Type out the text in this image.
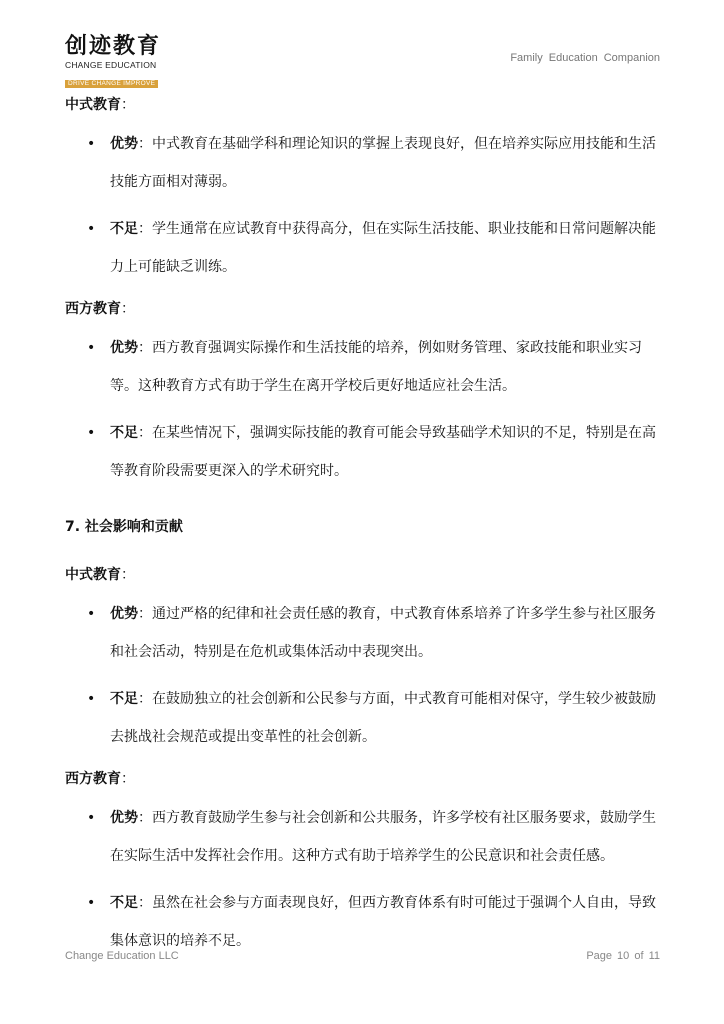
创迹教育
CHANGE EDUCATION
DRIVE CHANGE IMPROVE
Family Education Companion

中式教育：

• 优势：中式教育在基础学科和理论知识的掌握上表现良好，但在培养实际应用技能和生活技能方面相对薄弱。
• 不足：学生通常在应试教育中获得高分，但在实际生活技能、职业技能和日常问题解决能力上可能缺乏训练。

西方教育：

• 优势：西方教育强调实际操作和生活技能的培养，例如财务管理、家政技能和职业实习等。这种教育方式有助于学生在离开学校后更好地适应社会生活。
• 不足：在某些情况下，强调实际技能的教育可能会导致基础学术知识的不足，特别是在高等教育阶段需要更深入的学术研究时。

7. 社会影响和贡献

中式教育：

• 优势：通过严格的纪律和社会责任感的教育，中式教育体系培养了许多学生参与社区服务和社会活动，特别是在危机或集体活动中表现突出。
• 不足：在鼓励独立的社会创新和公民参与方面，中式教育可能相对保守，学生较少被鼓励去挑战社会规范或提出变革性的社会创新。

西方教育：

• 优势：西方教育鼓励学生参与社会创新和公共服务，许多学校有社区服务要求，鼓励学生在实际生活中发挥社会作用。这种方式有助于培养学生的公民意识和社会责任感。
• 不足：虽然在社会参与方面表现良好，但西方教育体系有时可能过于强调个人自由，导致集体意识的培养不足。
Change Education LLC	Page 10 of 11
